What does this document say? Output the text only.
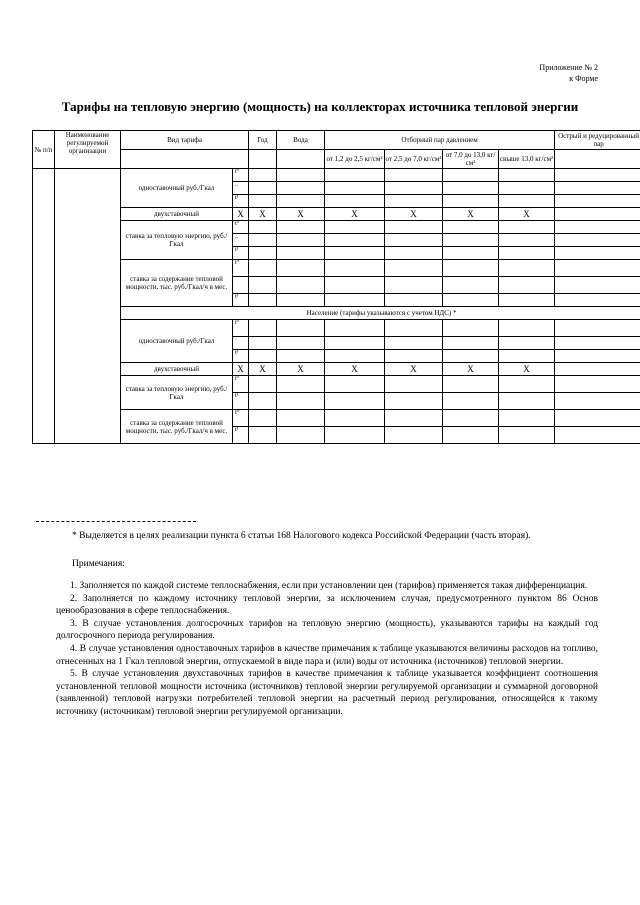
Приложение № 2
к Форме
Тарифы на тепловую энергию (мощность) на коллекторах источника тепловой энергии
№ п/п	Наименование регулируемой организации	Вид тарифа		Год	Вода	Отборный пар давлением				Острый и редуцированный пар
						от 1,2 до 2,5 кг/см²	от 2,5 до 7,0 кг/см²	от 7,0 до 13,0 кг/см²	свыше 13,0 кг/см²	
		одноставочный руб./Гкал	t⁰							
			..							
			t¹							
		двухставочный	X	X	X	X	X	X	X	
		ставка за тепловую энергию, руб./Гкал	t⁰							
			..							
			t¹							
		ставка за содержание тепловой мощности, тыс. руб./Гкал/ч в мес.	t⁰							

			t¹							
		Население (тарифы указываются с учетом НДС) *								
		одноставочный руб./Гкал	t⁰							
			·							
			t¹							
		двухставочный	X	X	X	X	X	X	X	
		ставка за тепловую энергию, руб./Гкал	t⁰							
			t¹							
		ставка за содержание тепловой мощности, тыс. руб./Гкал/ч в мес.	t⁰							
			t¹							
* Выделяется в целях реализации пункта 6 статьи 168 Налогового кодекса Российской Федерации (часть вторая).
Примечания:

1. Заполняется по каждой системе теплоснабжения, если при установлении цен (тарифов) применяется такая дифференциация.

2. Заполняется по каждому источнику тепловой энергии, за исключением случая, предусмотренного пунктом 86 Основ ценообразования в сфере теплоснабжения.

3. В случае установления долгосрочных тарифов на тепловую энергию (мощность), указываются тарифы на каждый год долгосрочного периода регулирования.

4. В случае установления одноставочных тарифов в качестве примечания к таблице указываются величины расходов на топливо, отнесенных на 1 Гкал тепловой энергии, отпускаемой в виде пара и (или) воды от источника (источников) тепловой энергии.

5. В случае установления двухставочных тарифов в качестве примечания к таблице указывается коэффициент соотношения установленной тепловой мощности источника (источников) тепловой энергии регулируемой организации и суммарной договорной (заявленной) тепловой нагрузки потребителей тепловой энергии на расчетный период регулирования, относящейся к такому источнику (источникам) тепловой энергии регулируемой организации.
